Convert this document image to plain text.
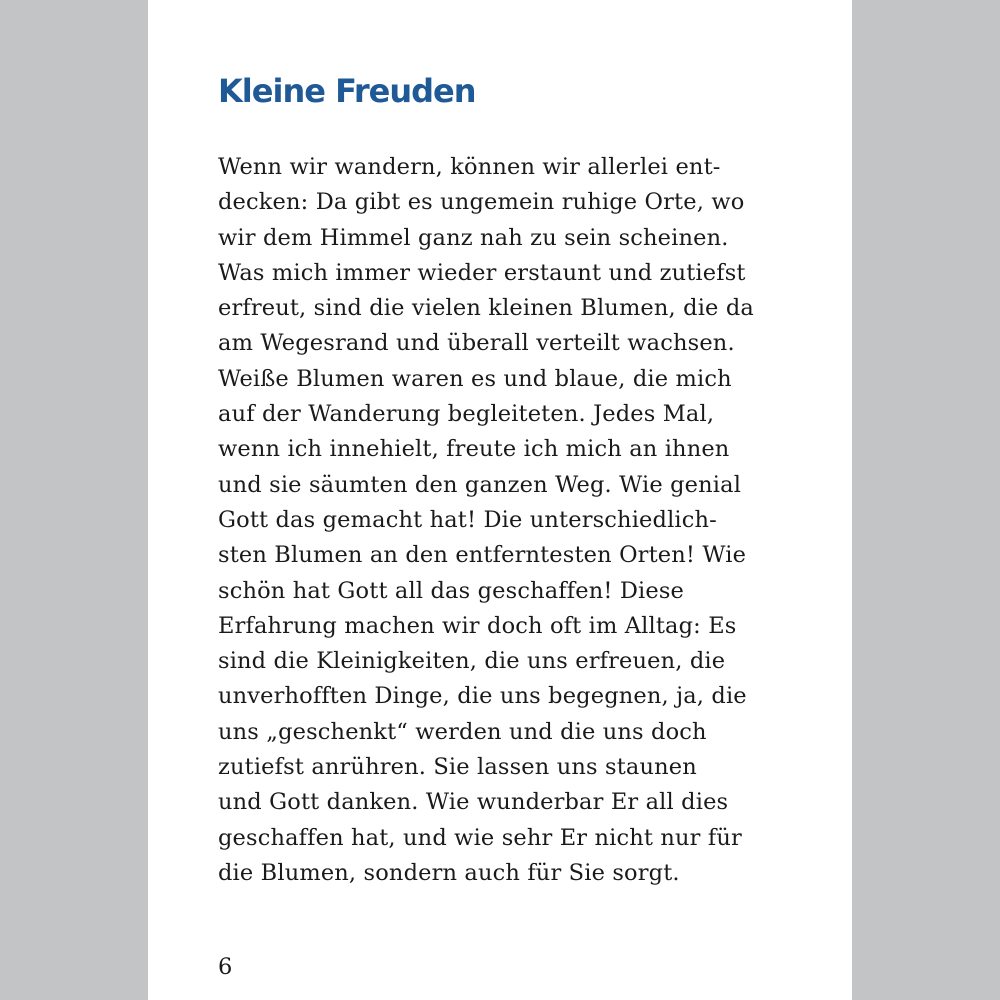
Kleine Freuden
Wenn wir wandern, können wir allerlei ent-
decken: Da gibt es ungemein ruhige Orte, wo
wir dem Himmel ganz nah zu sein scheinen.
Was mich immer wieder erstaunt und zutiefst
erfreut, sind die vielen kleinen Blumen, die da
am Wegesrand und überall verteilt wachsen.
Weiße Blumen waren es und blaue, die mich
auf der Wanderung begleiteten. Jedes Mal,
wenn ich innehielt, freute ich mich an ihnen
und sie säumten den ganzen Weg. Wie genial
Gott das gemacht hat! Die unterschiedlich-
sten Blumen an den entferntesten Orten! Wie
schön hat Gott all das geschaffen! Diese
Erfahrung machen wir doch oft im Alltag: Es
sind die Kleinigkeiten, die uns erfreuen, die
unverhofften Dinge, die uns begegnen, ja, die
uns „geschenkt“ werden und die uns doch
zutiefst anrühren. Sie lassen uns staunen
und Gott danken. Wie wunderbar Er all dies
geschaffen hat, und wie sehr Er nicht nur für
die Blumen, sondern auch für Sie sorgt.
6
